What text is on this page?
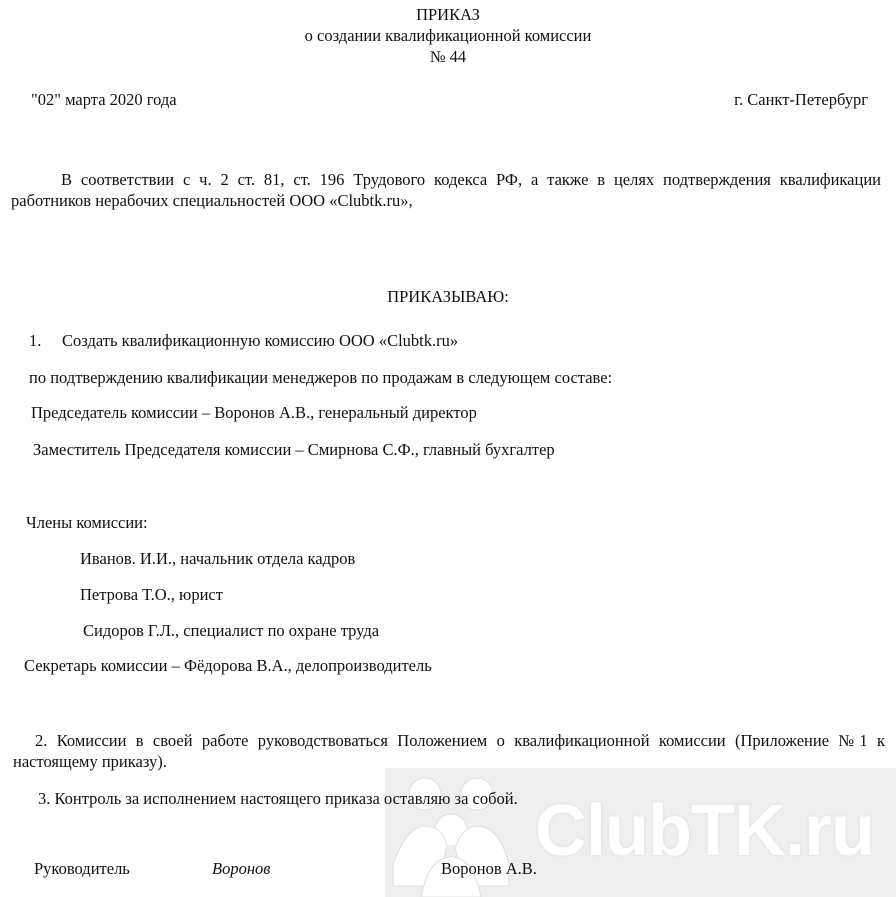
ClubTK.ru
ПРИКАЗ
о создании квалификационной комиссии
№ 44
"02" марта 2020 года	г. Санкт-Петербург
В соответствии с ч. 2 ст. 81, ст. 196 Трудового кодекса РФ, а также в целях подтверждения квалификации работников нерабочих специальностей ООО «Clubtk.ru»,
ПРИКАЗЫВАЮ:
1. Создать квалификационную комиссию ООО «Clubtk.ru»
по подтверждению квалификации менеджеров по продажам в следующем составе:
Председатель комиссии – Воронов А.В., генеральный директор
Заместитель Председателя комиссии – Смирнова С.Ф., главный бухгалтер
Члены комиссии:
Иванов. И.И., начальник отдела кадров
Петрова Т.О., юрист
Сидоров Г.Л., специалист по охране труда
Секретарь комиссии – Фёдорова В.А., делопроизводитель
2. Комиссии в своей работе руководствоваться Положением о квалификационной комиссии (Приложение №1 к настоящему приказу).
3. Контроль за исполнением настоящего приказа оставляю за собой.
Руководитель	Воронов	Воронов А.В.
